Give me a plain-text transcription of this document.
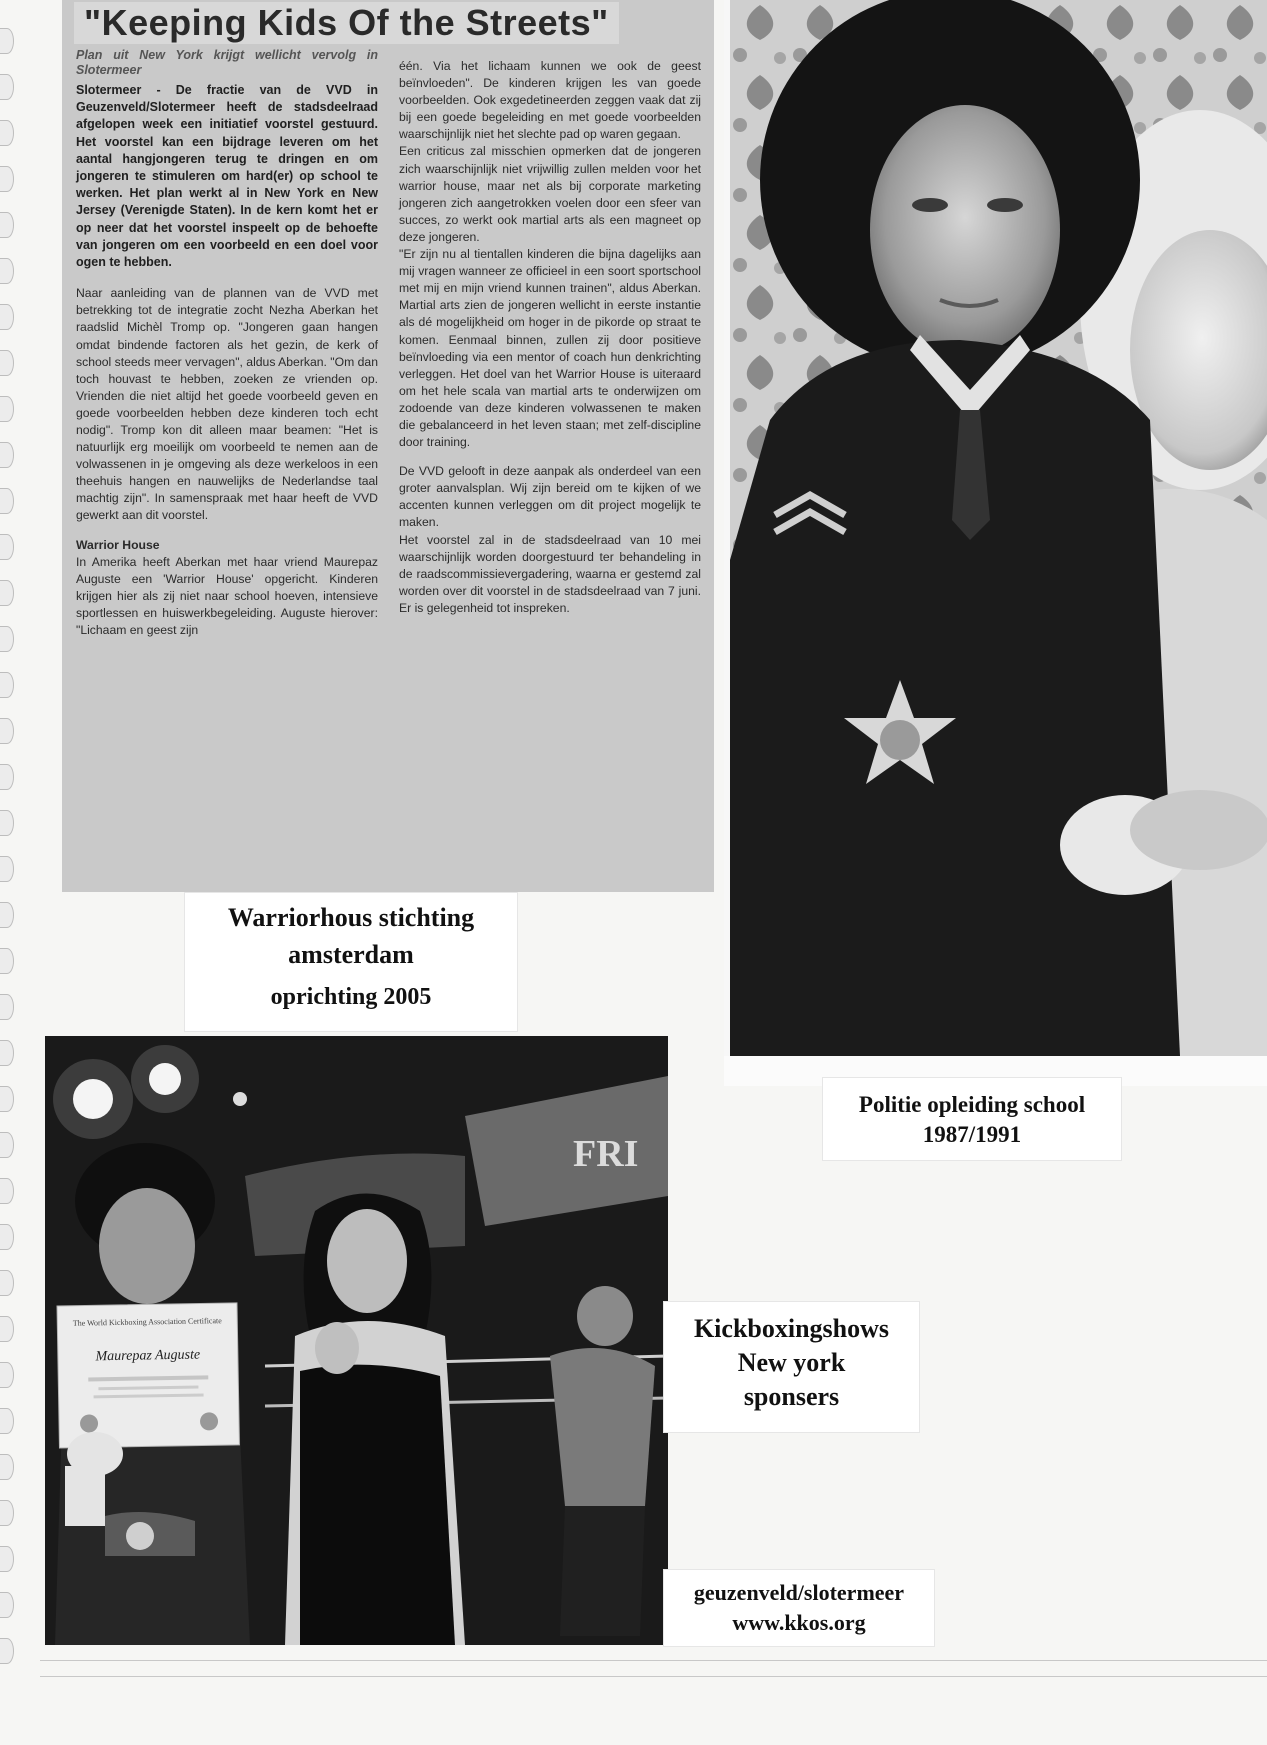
"Keeping Kids Of the Streets"
Plan uit New York krijgt wellicht vervolg in Slotermeer
Slotermeer - De fractie van de VVD in Geuzenveld/Slotermeer heeft de stadsdeelraad afgelopen week een initiatief voorstel gestuurd. Het voorstel kan een bijdrage leveren om het aantal hangjongeren terug te dringen en om jongeren te stimuleren om hard(er) op school te werken. Het plan werkt al in New York en New Jersey (Verenigde Staten). In de kern komt het er op neer dat het voorstel inspeelt op de behoefte van jongeren om een voorbeeld en een doel voor ogen te hebben.
Naar aanleiding van de plannen van de VVD met betrekking tot de integratie zocht Nezha Aberkan het raadslid Michèl Tromp op. "Jongeren gaan hangen omdat bindende factoren als het gezin, de kerk of school steeds meer vervagen", aldus Aberkan. "Om dan toch houvast te hebben, zoeken ze vrienden op. Vrienden die niet altijd het goede voorbeeld geven en goede voorbeelden hebben deze kinderen toch echt nodig". Tromp kon dit alleen maar beamen: "Het is natuurlijk erg moeilijk om voorbeeld te nemen aan de volwassenen in je omgeving als deze werkeloos in een theehuis hangen en nauwelijks de Nederlandse taal machtig zijn". In samenspraak met haar heeft de VVD gewerkt aan dit voorstel.
Warrior House
In Amerika heeft Aberkan met haar vriend Maurepaz Auguste een 'Warrior House' opgericht. Kinderen krijgen hier als zij niet naar school hoeven, intensieve sportlessen en huiswerkbegeleiding. Auguste hierover: "Lichaam en geest zijn
één. Via het lichaam kunnen we ook de geest beïnvloeden". De kinderen krijgen les van goede voorbeelden. Ook exgedetineerden zeggen vaak dat zij bij een goede begeleiding en met goede voorbeelden waarschijnlijk niet het slechte pad op waren gegaan.
Een criticus zal misschien opmerken dat de jongeren zich waarschijnlijk niet vrijwillig zullen melden voor het warrior house, maar net als bij corporate marketing jongeren zich aangetrokken voelen door een sfeer van succes, zo werkt ook martial arts als een magneet op deze jongeren.
"Er zijn nu al tientallen kinderen die bijna dagelijks aan mij vragen wanneer ze officieel in een soort sportschool met mij en mijn vriend kunnen trainen", aldus Aberkan. Martial arts zien de jongeren wellicht in eerste instantie als dé mogelijkheid om hoger in de pikorde op straat te komen. Eenmaal binnen, zullen zij door positieve beïnvloeding via een mentor of coach hun denkrichting verleggen. Het doel van het Warrior House is uiteraard om het hele scala van martial arts te onderwijzen om zodoende van deze kinderen volwassenen te maken die gebalanceerd in het leven staan; met zelf-discipline door training.
De VVD gelooft in deze aanpak als onderdeel van een groter aanvalsplan. Wij zijn bereid om te kijken of we accenten kunnen verleggen om dit project mogelijk te maken.
Het voorstel zal in de stadsdeelraad van 10 mei waarschijnlijk worden doorgestuurd ter behandeling in de raadscommissievergadering, waarna er gestemd zal worden over dit voorstel in de stadsdeelraad van 7 juni. Er is gelegenheid tot inspreken.
FRI
The World Kickboxing Association Certificate
Maurepaz Auguste
Warriorhous stichting
amsterdam
oprichting 2005
Politie opleiding school
1987/1991
Kickboxingshows
New york
sponsers
geuzenveld/slotermeer
www.kkos.org
